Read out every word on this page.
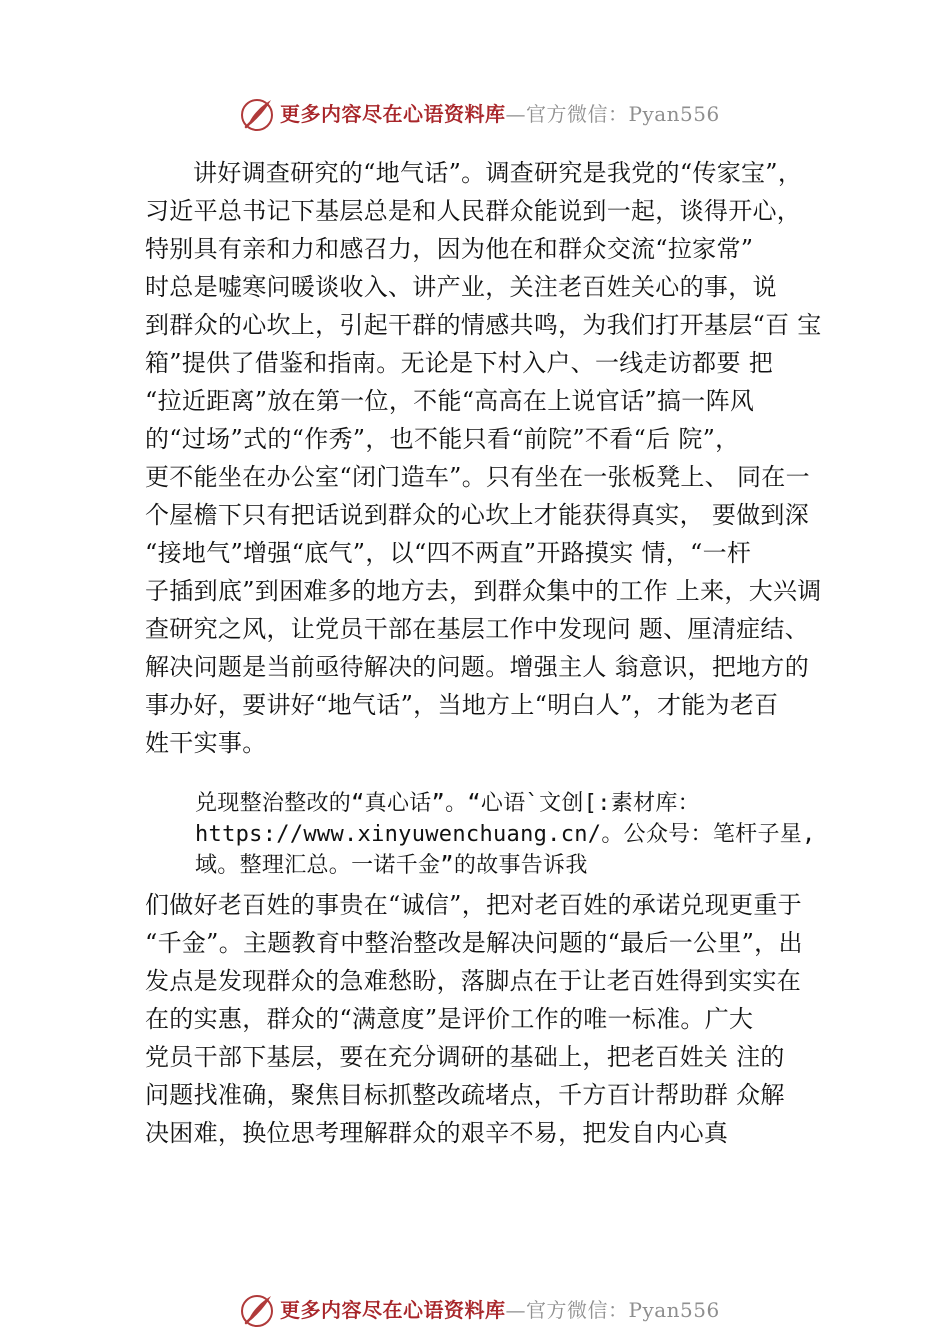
更多内容尽在心语资料库—官方微信：Pyan556
讲好调查研究的“地气话”。调查研究是我党的“传家宝”，
习近平总书记下基层总是和人民群众能说到一起，谈得开心，
特别具有亲和力和感召力，因为他在和群众交流“拉家常”
时总是嘘寒问暖谈收入、讲产业，关注老百姓关心的事，说
到群众的心坎上，引起干群的情感共鸣，为我们打开基层“百 宝
箱”提供了借鉴和指南。无论是下村入户、一线走访都要 把
“拉近距离”放在第一位，不能“高高在上说官话”搞一阵风
的“过场”式的“作秀”，也不能只看“前院”不看“后 院”，
更不能坐在办公室“闭门造车”。只有坐在一张板凳上、 同在一
个屋檐下只有把话说到群众的心坎上才能获得真实， 要做到深
“接地气”增强“底气”，以“四不两直”开路摸实 情，“一杆
子插到底”到困难多的地方去，到群众集中的工作 上来，大兴调
查研究之风，让党员干部在基层工作中发现问 题、厘清症结、
解决问题是当前亟待解决的问题。增强主人 翁意识，把地方的
事办好，要讲好“地气话”，当地方上“明白人”，才能为老百
姓干实事。
兑现整治整改的“真心话”。“心语`文创[:素材库：
https://www.xinyuwenchuang.cn/。公众号：笔杆子星,
域。整理汇总。一诺千金”的故事告诉我
们做好老百姓的事贵在“诚信”，把对老百姓的承诺兑现更重于
“千金”。主题教育中整治整改是解决问题的“最后一公里”，出
发点是发现群众的急难愁盼，落脚点在于让老百姓得到实实在
在的实惠，群众的“满意度”是评价工作的唯一标准。广大
党员干部下基层，要在充分调研的基础上，把老百姓关 注的
问题找准确，聚焦目标抓整改疏堵点，千方百计帮助群 众解
决困难，换位思考理解群众的艰辛不易，把发自内心真
更多内容尽在心语资料库—官方微信：Pyan556
